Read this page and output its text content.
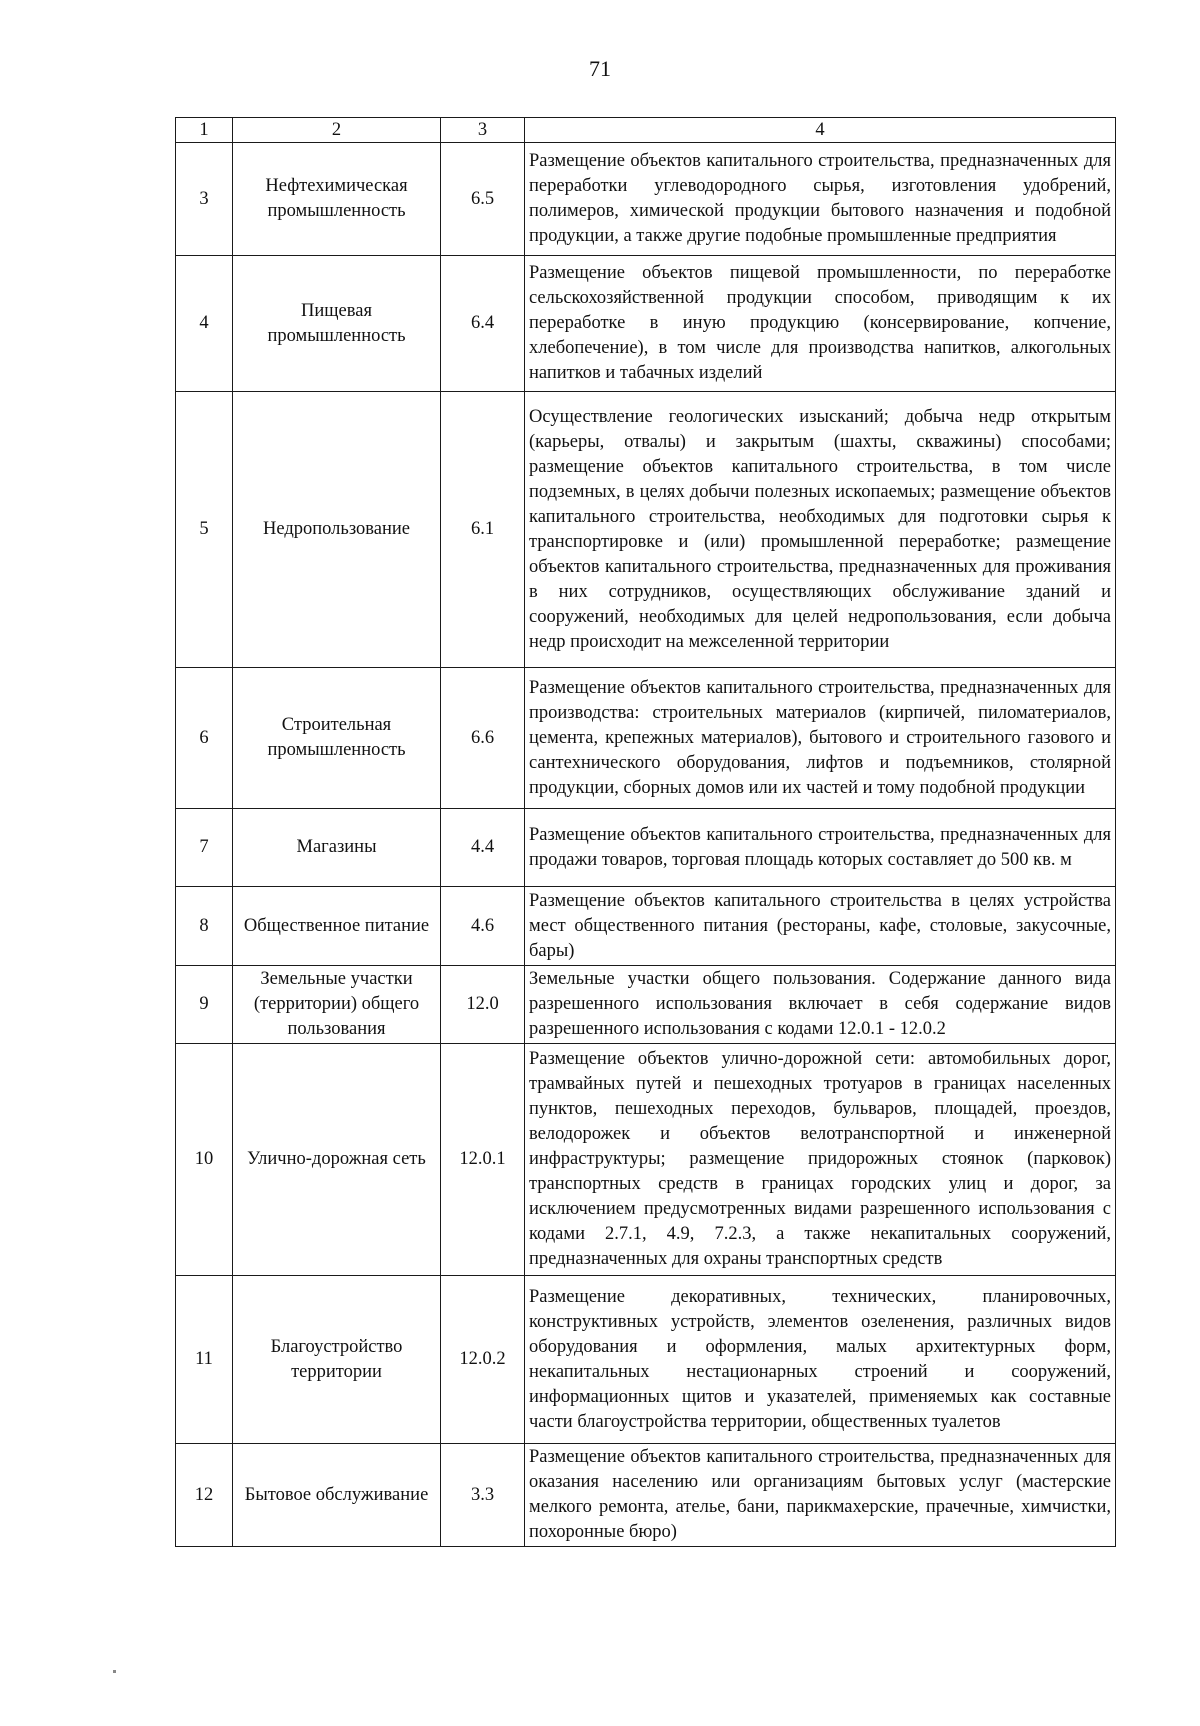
71
1	2	3	4
3	Нефтехимическая промышленность	6.5	Размещение объектов капитального строительства, предназначенных для переработки углеводородного сырья, изготовления удобрений, полимеров, химической продукции бытового назначения и подобной продукции, а также другие подобные промышленные предприятия
4	Пищевая промышленность	6.4	Размещение объектов пищевой промышленности, по переработке сельскохозяйственной продукции способом, приводящим к их переработке в иную продукцию (консервирование, копчение, хлебопечение), в том числе для производства напитков, алкогольных напитков и табачных изделий
5	Недропользование	6.1	Осуществление геологических изысканий; добыча недр открытым (карьеры, отвалы) и закрытым (шахты, скважины) способами; размещение объектов капитального строительства, в том числе подземных, в целях добычи полезных ископаемых; размещение объектов капитального строительства, необходимых для подготовки сырья к транспортировке и (или) промышленной переработке; размещение объектов капитального строительства, предназначенных для проживания в них сотрудников, осуществляющих обслуживание зданий и сооружений, необходимых для целей недропользования, если добыча недр происходит на межселенной территории
6	Строительная промышленность	6.6	Размещение объектов капитального строительства, предназначенных для производства: строительных материалов (кирпичей, пиломатериалов, цемента, крепежных материалов), бытового и строительного газового и сантехнического оборудования, лифтов и подъемников, столярной продукции, сборных домов или их частей и тому подобной продукции
7	Магазины	4.4	Размещение объектов капитального строительства, предназначенных для продажи товаров, торговая площадь которых составляет до 500 кв. м
8	Общественное питание	4.6	Размещение объектов капитального строительства в целях устройства мест общественного питания (рестораны, кафе, столовые, закусочные, бары)
9	Земельные участки (территории) общего пользования	12.0	Земельные участки общего пользования. Содержание данного вида разрешенного использования включает в себя содержание видов разрешенного использования с кодами 12.0.1 - 12.0.2
10	Улично-дорожная сеть	12.0.1	Размещение объектов улично-дорожной сети: автомобильных дорог, трамвайных путей и пешеходных тротуаров в границах населенных пунктов, пешеходных переходов, бульваров, площадей, проездов, велодорожек и объектов велотранспортной и инженерной инфраструктуры; размещение придорожных стоянок (парковок) транспортных средств в границах городских улиц и дорог, за исключением предусмотренных видами разрешенного использования с кодами 2.7.1, 4.9, 7.2.3, а также некапитальных сооружений, предназначенных для охраны транспортных средств
11	Благоустройство территории	12.0.2	Размещение декоративных, технических, планировочных, конструктивных устройств, элементов озеленения, различных видов оборудования и оформления, малых архитектурных форм, некапитальных нестационарных строений и сооружений, информационных щитов и указателей, применяемых как составные части благоустройства территории, общественных туалетов
12	Бытовое обслуживание	3.3	Размещение объектов капитального строительства, предназначенных для оказания населению или организациям бытовых услуг (мастерские мелкого ремонта, ателье, бани, парикмахерские, прачечные, химчистки, похоронные бюро)
